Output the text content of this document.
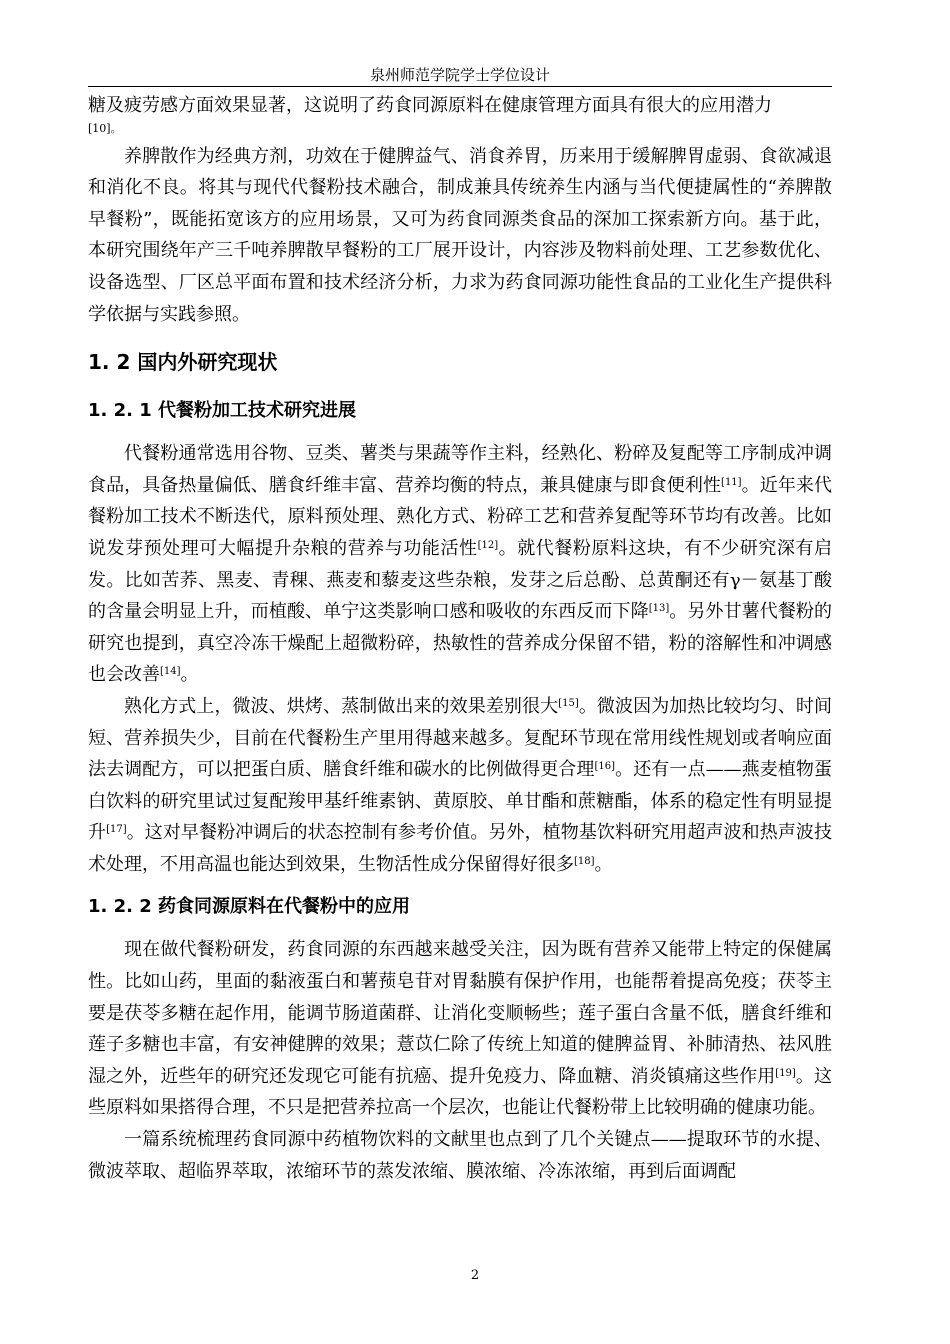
泉州师范学院学士学位设计

糖及疲劳感方面效果显著，这说明了药食同源原料在健康管理方面具有很大的应用潜力
[10]。

养脾散作为经典方剂，功效在于健脾益气、消食养胃，历来用于缓解脾胃虚弱、食欲减退和消化不良。将其与现代代餐粉技术融合，制成兼具传统养生内涵与当代便捷属性的“养脾散早餐粉”，既能拓宽该方的应用场景，又可为药食同源类食品的深加工探索新方向。基于此，本研究围绕年产三千吨养脾散早餐粉的工厂展开设计，内容涉及物料前处理、工艺参数优化、设备选型、厂区总平面布置和技术经济分析，力求为药食同源功能性食品的工业化生产提供科学依据与实践参照。

1. 2 国内外研究现状
1. 2. 1 代餐粉加工技术研究进展

代餐粉通常选用谷物、豆类、薯类与果蔬等作主料，经熟化、粉碎及复配等工序制成冲调食品，具备热量偏低、膳食纤维丰富、营养均衡的特点，兼具健康与即食便利性[11]。近年来代餐粉加工技术不断迭代，原料预处理、熟化方式、粉碎工艺和营养复配等环节均有改善。比如说发芽预处理可大幅提升杂粮的营养与功能活性[12]。就代餐粉原料这块，有不少研究深有启发。比如苦荞、黑麦、青稞、燕麦和藜麦这些杂粮，发芽之后总酚、总黄酮还有γ－氨基丁酸的含量会明显上升，而植酸、单宁这类影响口感和吸收的东西反而下降[13]。另外甘薯代餐粉的研究也提到，真空冷冻干燥配上超微粉碎，热敏性的营养成分保留不错，粉的溶解性和冲调感也会改善[14]。

熟化方式上，微波、烘烤、蒸制做出来的效果差别很大[15]。微波因为加热比较均匀、时间短、营养损失少，目前在代餐粉生产里用得越来越多。复配环节现在常用线性规划或者响应面法去调配方，可以把蛋白质、膳食纤维和碳水的比例做得更合理[16]。还有一点——燕麦植物蛋白饮料的研究里试过复配羧甲基纤维素钠、黄原胶、单甘酯和蔗糖酯，体系的稳定性有明显提升[17]。这对早餐粉冲调后的状态控制有参考价值。另外，植物基饮料研究用超声波和热声波技术处理，不用高温也能达到效果，生物活性成分保留得好很多[18]。

1. 2. 2 药食同源原料在代餐粉中的应用

现在做代餐粉研发，药食同源的东西越来越受关注，因为既有营养又能带上特定的保健属性。比如山药，里面的黏液蛋白和薯蓣皂苷对胃黏膜有保护作用，也能帮着提高免疫；茯苓主要是茯苓多糖在起作用，能调节肠道菌群、让消化变顺畅些；莲子蛋白含量不低，膳食纤维和莲子多糖也丰富，有安神健脾的效果；薏苡仁除了传统上知道的健脾益胃、补肺清热、祛风胜湿之外，近些年的研究还发现它可能有抗癌、提升免疫力、降血糖、消炎镇痛这些作用[19]。这些原料如果搭得合理，不只是把营养拉高一个层次，也能让代餐粉带上比较明确的健康功能。

一篇系统梳理药食同源中药植物饮料的文献里也点到了几个关键点——提取环节的水提、微波萃取、超临界萃取，浓缩环节的蒸发浓缩、膜浓缩、冷冻浓缩，再到后面调配

2
